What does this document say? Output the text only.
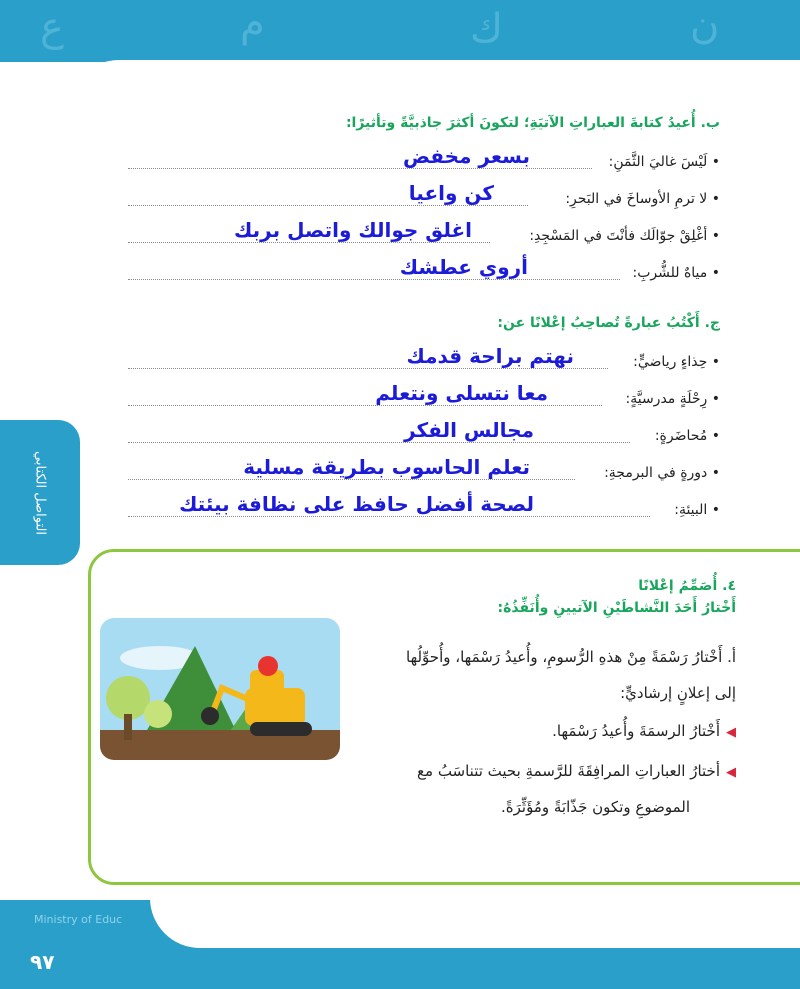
ع	م	ك	ن
التواصل الكتابي
ب. أُعيدُ كتابةَ العباراتِ الآتيَةِ؛ لتكونَ أكثرَ جاذبيَّةً وتأثيرًا:
• لَيْسَ غاليَ الثَّمَنِ:
بسعر مخفض
• لا ترمِ الأوساخَ في البَحرِ:
كن واعيا
• أغْلِقْ جوّالَك فأنْتَ في المَسْجِدِ:
اغلق جوالك واتصل بربك
• مياهٌ للشُّربِ:
أروي عطشك
ج. أَكْتُبُ عبارةً تُصاحِبُ إعْلانًا عن:
• حِذاءٍ رياضيٍّ:
نهتم براحة قدمك
• رِحْلَةٍ مدرسيَّةٍ:
معا نتسلى ونتعلم
• مُحاضَرةٍ:
مجالس الفكر
• دورةٍ في البرمجةِ:
تعلم الحاسوب بطريقة مسلية
• البيئةِ:
لصحة أفضل حافظ على نظافة بيئتك
٤. أُصَمِّمُ إعْلانًا
أَخْتارُ أَحَدَ النَّشاطَيْنِ الآتيينِ وأُنَفِّذُهُ:
أ. أَخْتارُ رَسْمَةً مِنْ هذهِ الرُّسومِ، وأُعيدُ رَسْمَها، وأُحوِّلُها
إلى إعلانٍ إرشاديٍّ:
◀أَخْتارُ الرسمَةَ وأُعيدُ رَسْمَها.
◀أختارُ العباراتِ المرافِقَةَ للرَّسمةِ بحيث تتناسَبُ مع
الموضوعِ وتكون جَذّابَةً ومُؤَثِّرَةً.
Ministry of Educ
٩٧
